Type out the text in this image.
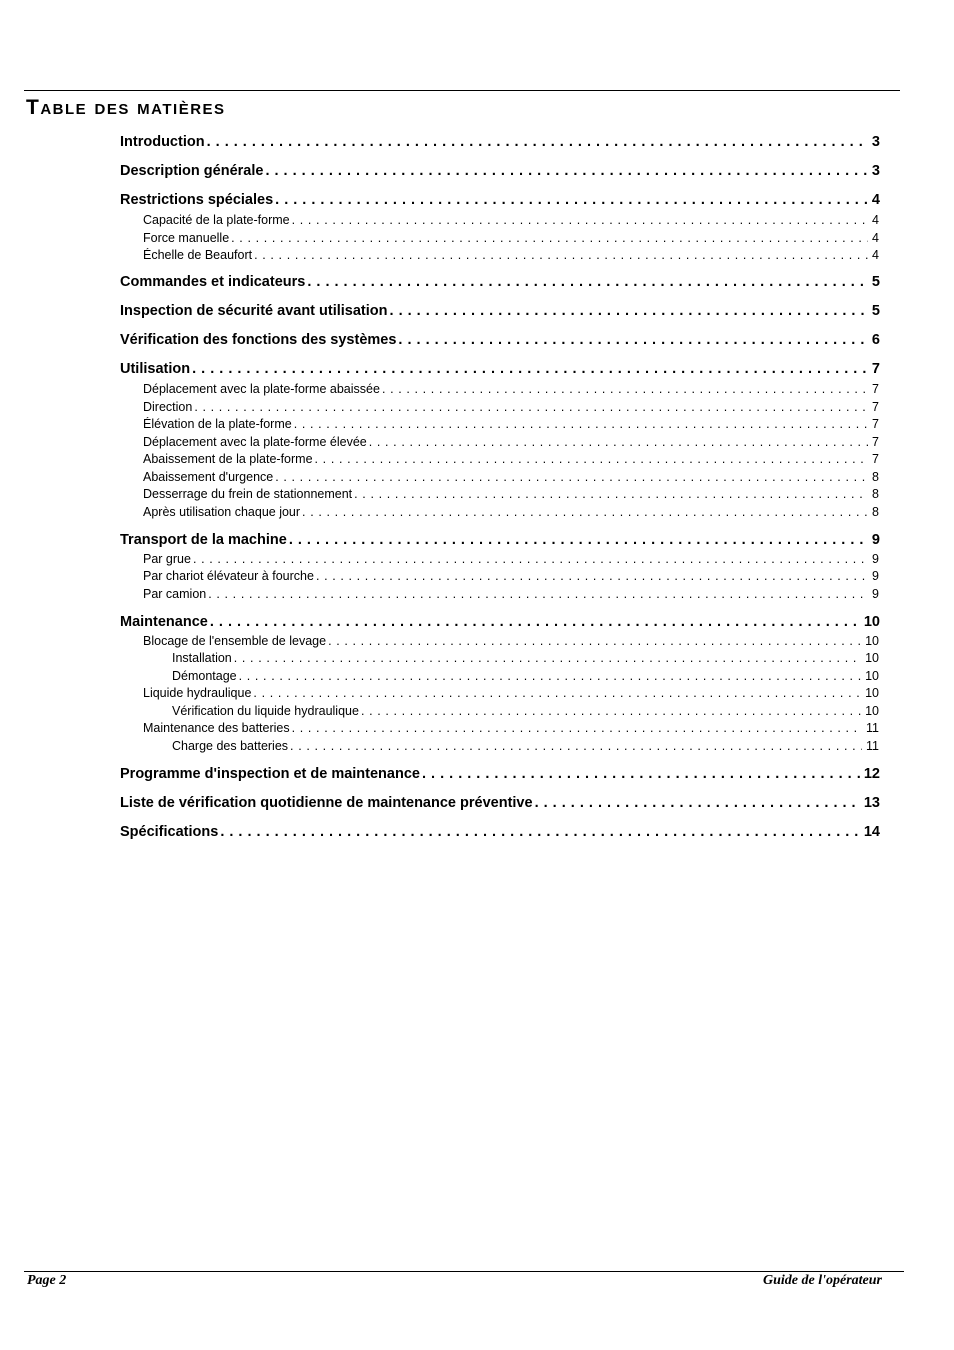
Table des matières
Introduction . . .	3
Description générale . . .	3
Restrictions spéciales . . .	4
Capacité de la plate-forme . . .	4
Force manuelle . . .	4
Échelle de Beaufort . . .	4
Commandes et indicateurs . . .	5
Inspection de sécurité avant utilisation . . .	5
Vérification des fonctions des systèmes . . .	6
Utilisation . . .	7
Déplacement avec la plate-forme abaissée . . .	7
Direction . . .	7
Élévation de la plate-forme . . .	7
Déplacement avec la plate-forme élevée . . .	7
Abaissement de la plate-forme . . .	7
Abaissement d'urgence . . .	8
Desserrage du frein de stationnement . . .	8
Après utilisation chaque jour . . .	8
Transport de la machine . . .	9
Par grue . . .	9
Par chariot élévateur à fourche . . .	9
Par camion . . .	9
Maintenance . . .	10
Blocage de l'ensemble de levage . . .	10
Installation . . .	10
Démontage . . .	10
Liquide hydraulique . . .	10
Vérification du liquide hydraulique . . .	10
Maintenance des batteries . . .	11
Charge des batteries . . .	11
Programme d'inspection et de maintenance . . .	12
Liste de vérification quotidienne de maintenance préventive . . .	13
Spécifications . . .	14
Page 2	Guide de l'opérateur
